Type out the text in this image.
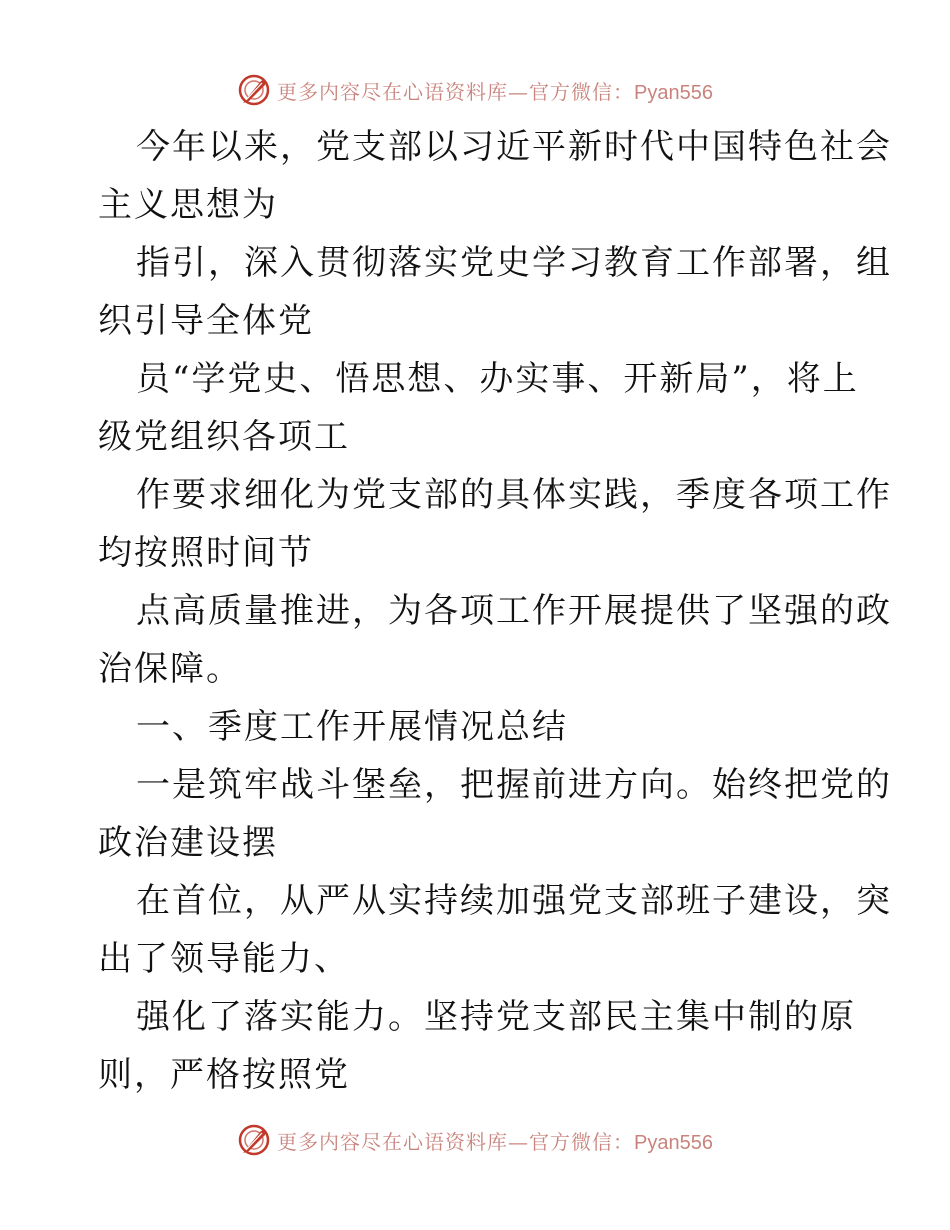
更多内容尽在心语资料库—官方微信：Pyan556
今年以来，党支部以习近平新时代中国特色社会
主义思想为
指引，深入贯彻落实党史学习教育工作部署，组
织引导全体党
员“学党史、悟思想、办实事、开新局”，将上
级党组织各项工
作要求细化为党支部的具体实践，季度各项工作
均按照时间节
点高质量推进，为各项工作开展提供了坚强的政
治保障。
一、季度工作开展情况总结
一是筑牢战斗堡垒，把握前进方向。始终把党的
政治建设摆
在首位，从严从实持续加强党支部班子建设，突
出了领导能力、
强化了落实能力。坚持党支部民主集中制的原
则，严格按照党
更多内容尽在心语资料库—官方微信：Pyan556
